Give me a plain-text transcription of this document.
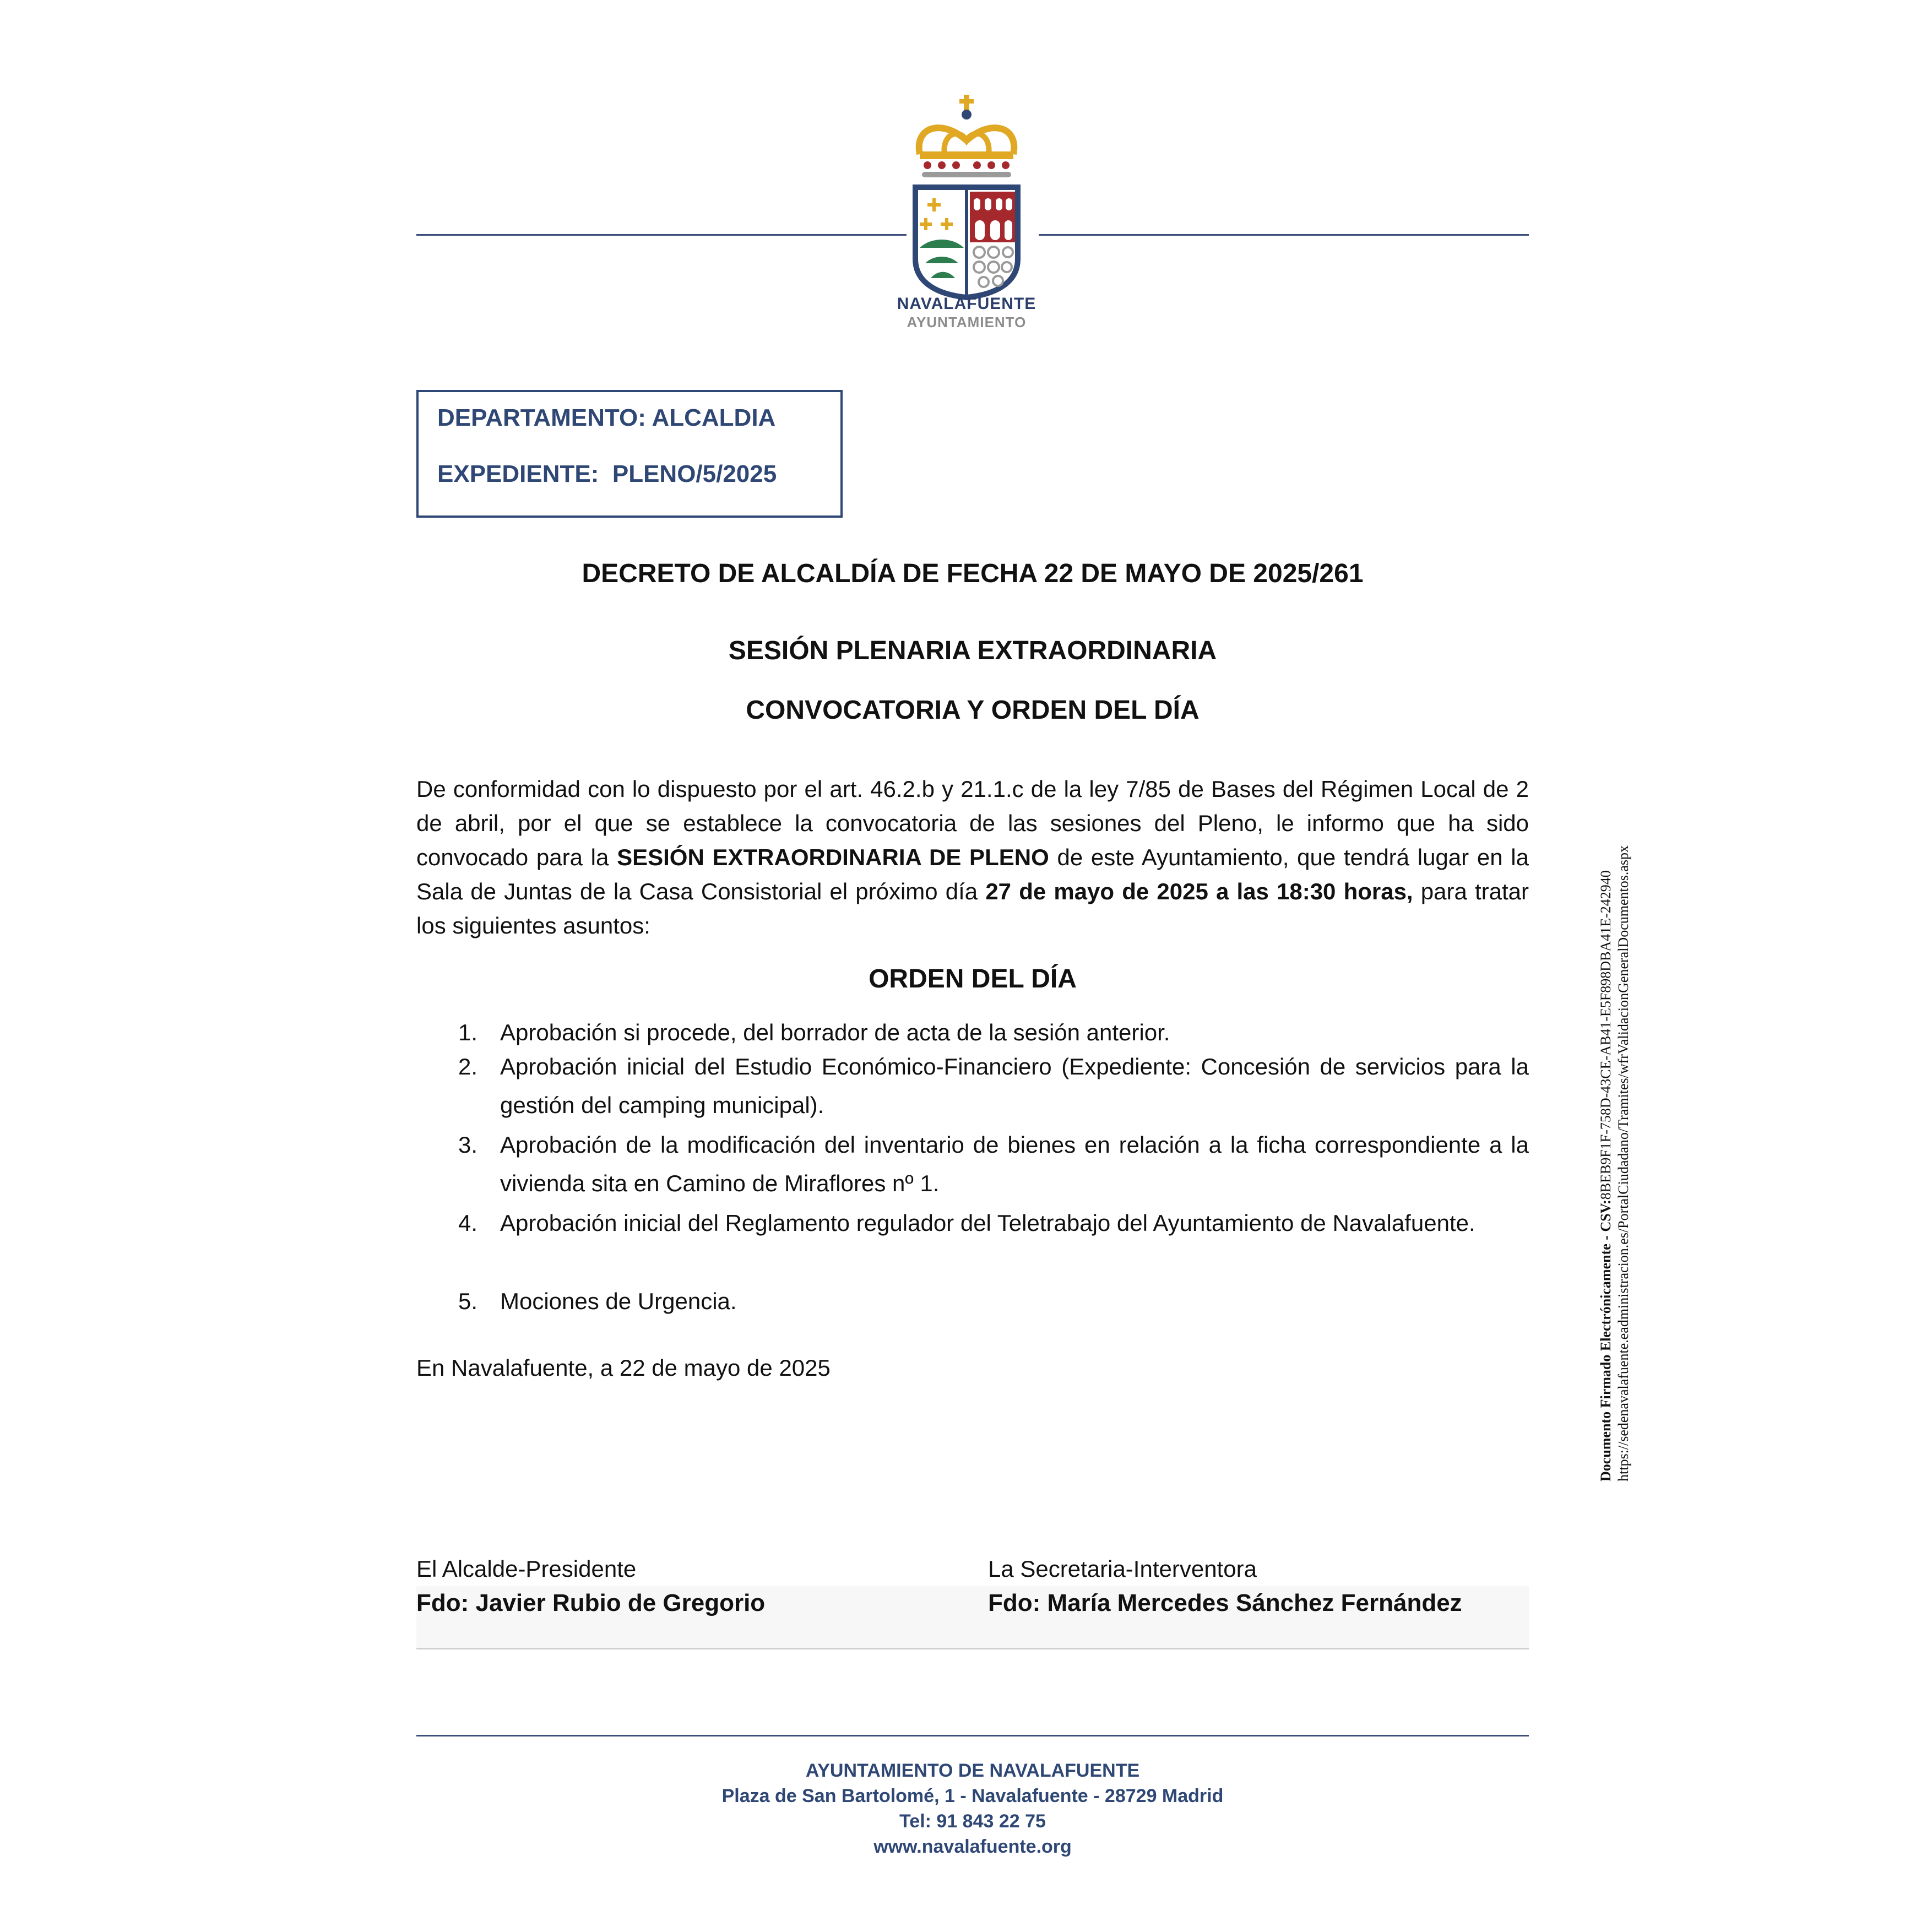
NAVALAFUENTE
AYUNTAMIENTO
DEPARTAMENTO: ALCALDIA
EXPEDIENTE:  PLENO/5/2025
DECRETO DE ALCALDÍA DE FECHA 22 DE MAYO DE 2025/261
SESIÓN PLENARIA EXTRAORDINARIA
CONVOCATORIA Y ORDEN DEL DÍA
De conformidad con lo dispuesto por el art. 46.2.b y 21.1.c de la ley 7/85 de Bases del Régimen Local de 2 de abril, por el que se establece la convocatoria de las sesiones del Pleno, le informo que ha sido convocado para la SESIÓN EXTRAORDINARIA DE PLENO de este Ayuntamiento, que tendrá lugar en la Sala de Juntas de la Casa Consistorial el próximo día 27 de mayo de 2025 a las 18:30 horas, para tratar los siguientes asuntos:
ORDEN DEL DÍA
1. Aprobación si procede, del borrador de acta de la sesión anterior.
2. Aprobación inicial del Estudio Económico-Financiero (Expediente: Concesión de servicios para la gestión del camping municipal).
3. Aprobación de la modificación del inventario de bienes en relación a la ficha correspondiente a la vivienda sita en Camino de Miraflores nº 1.
4. Aprobación inicial del Reglamento regulador del Teletrabajo del Ayuntamiento de Navalafuente.
5. Mociones de Urgencia.
En Navalafuente, a 22 de mayo de 2025
El Alcalde-Presidente
Fdo: Javier Rubio de Gregorio
La Secretaria-Interventora
Fdo: María Mercedes Sánchez Fernández
AYUNTAMIENTO DE NAVALAFUENTE
Plaza de San Bartolomé, 1 - Navalafuente - 28729 Madrid
Tel: 91 843 22 75
www.navalafuente.org
Documento Firmado Electrónicamente - CSV:8BEB9F1F-758D-43CE-AB41-E5F898DBA41E-242940 https://sedenavalafuente.eadministracion.es/PortalCiudadano/Tramites/wfrValidacionGeneralDocumentos.aspx
